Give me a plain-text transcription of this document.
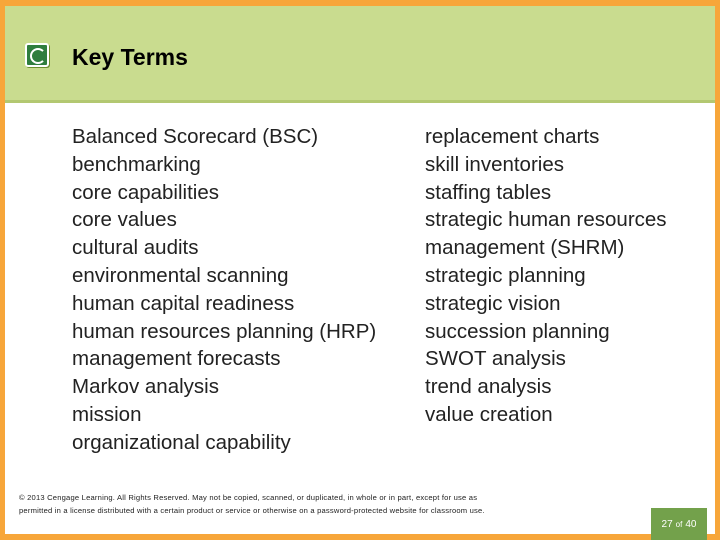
Key Terms
Balanced Scorecard (BSC)
benchmarking
core capabilities
core values
cultural audits
environmental scanning
human capital readiness
human resources planning (HRP)
management forecasts
Markov analysis
mission
organizational capability
replacement charts
skill inventories
staffing tables
strategic human resources
management (SHRM)
strategic planning
strategic vision
succession planning
SWOT analysis
trend analysis
value creation
© 2013 Cengage Learning. All Rights Reserved. May not be copied, scanned, or duplicated, in whole or in part, except for use as
permitted in a license distributed with a certain product or service or otherwise on a password-protected website for classroom use.
27 of 40
